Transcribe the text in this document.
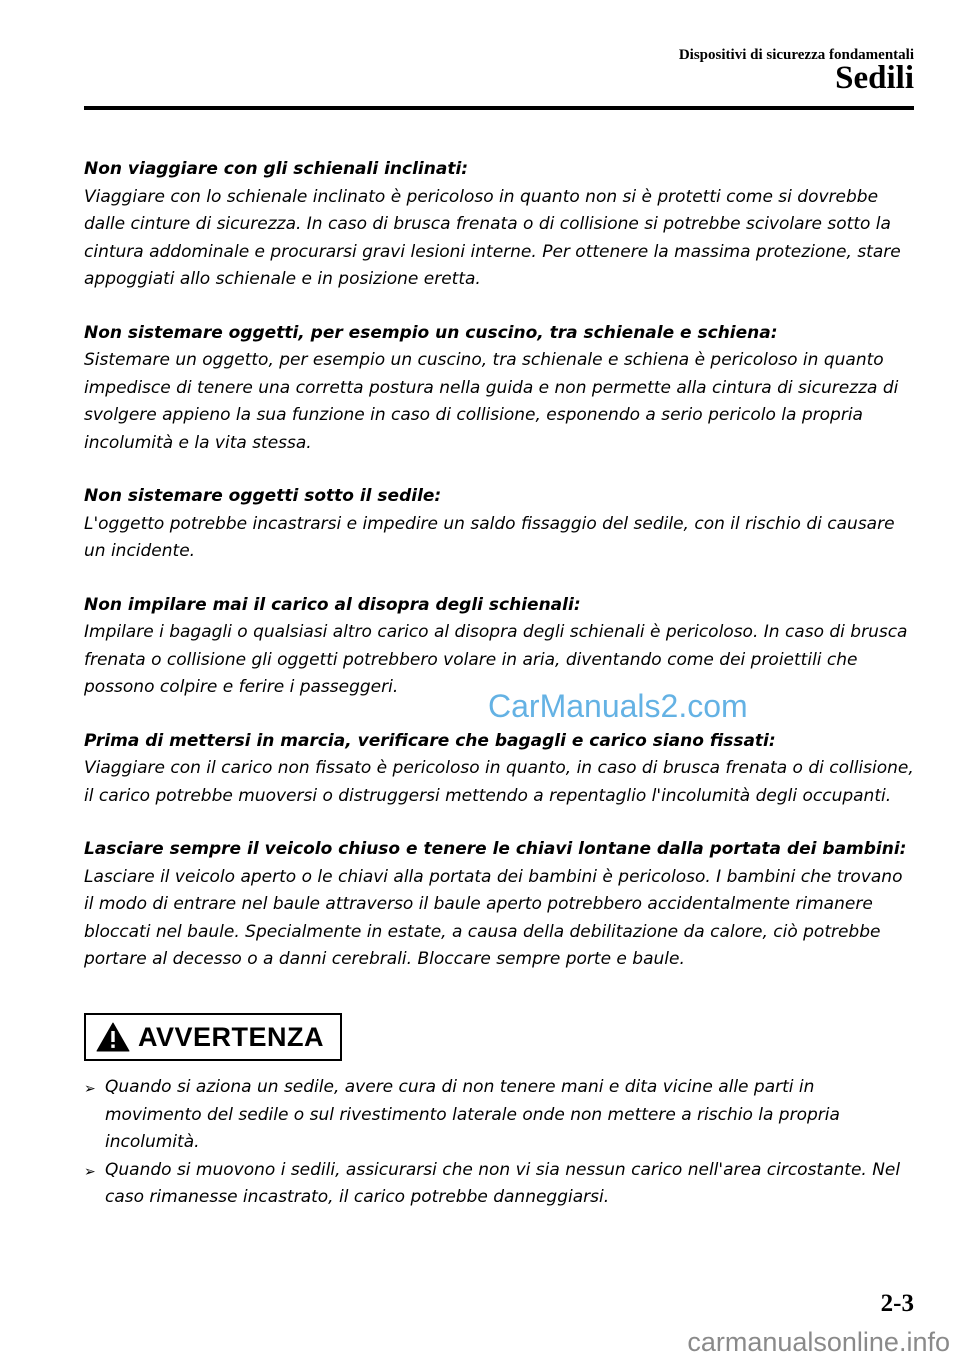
Dispositivi di sicurezza fondamentali
Sedili
Non viaggiare con gli schienali inclinati:
Viaggiare con lo schienale inclinato è pericoloso in quanto non si è protetti come si dovrebbe dalle cinture di sicurezza. In caso di brusca frenata o di collisione si potrebbe scivolare sotto la cintura addominale e procurarsi gravi lesioni interne. Per ottenere la massima protezione, stare appoggiati allo schienale e in posizione eretta.
Non sistemare oggetti, per esempio un cuscino, tra schienale e schiena:
Sistemare un oggetto, per esempio un cuscino, tra schienale e schiena è pericoloso in quanto impedisce di tenere una corretta postura nella guida e non permette alla cintura di sicurezza di svolgere appieno la sua funzione in caso di collisione, esponendo a serio pericolo la propria incolumità e la vita stessa.
Non sistemare oggetti sotto il sedile:
L'oggetto potrebbe incastrarsi e impedire un saldo fissaggio del sedile, con il rischio di causare un incidente.
Non impilare mai il carico al disopra degli schienali:
Impilare i bagagli o qualsiasi altro carico al disopra degli schienali è pericoloso. In caso di brusca frenata o collisione gli oggetti potrebbero volare in aria, diventando come dei proiettili che possono colpire e ferire i passeggeri.
Prima di mettersi in marcia, verificare che bagagli e carico siano fissati:
Viaggiare con il carico non fissato è pericoloso in quanto, in caso di brusca frenata o di collisione, il carico potrebbe muoversi o distruggersi mettendo a repentaglio l'incolumità degli occupanti.
Lasciare sempre il veicolo chiuso e tenere le chiavi lontane dalla portata dei bambini:
Lasciare il veicolo aperto o le chiavi alla portata dei bambini è pericoloso. I bambini che trovano il modo di entrare nel baule attraverso il baule aperto potrebbero accidentalmente rimanere bloccati nel baule. Specialmente in estate, a causa della debilitazione da calore, ciò potrebbe portare al decesso o a danni cerebrali. Bloccare sempre porte e baule.
AVVERTENZA
➢ Quando si aziona un sedile, avere cura di non tenere mani e dita vicine alle parti in movimento del sedile o sul rivestimento laterale onde non mettere a rischio la propria incolumità.
➢ Quando si muovono i sedili, assicurarsi che non vi sia nessun carico nell'area circostante. Nel caso rimanesse incastrato, il carico potrebbe danneggiarsi.
CarManuals2.com
2-3
carmanualsonline.info
